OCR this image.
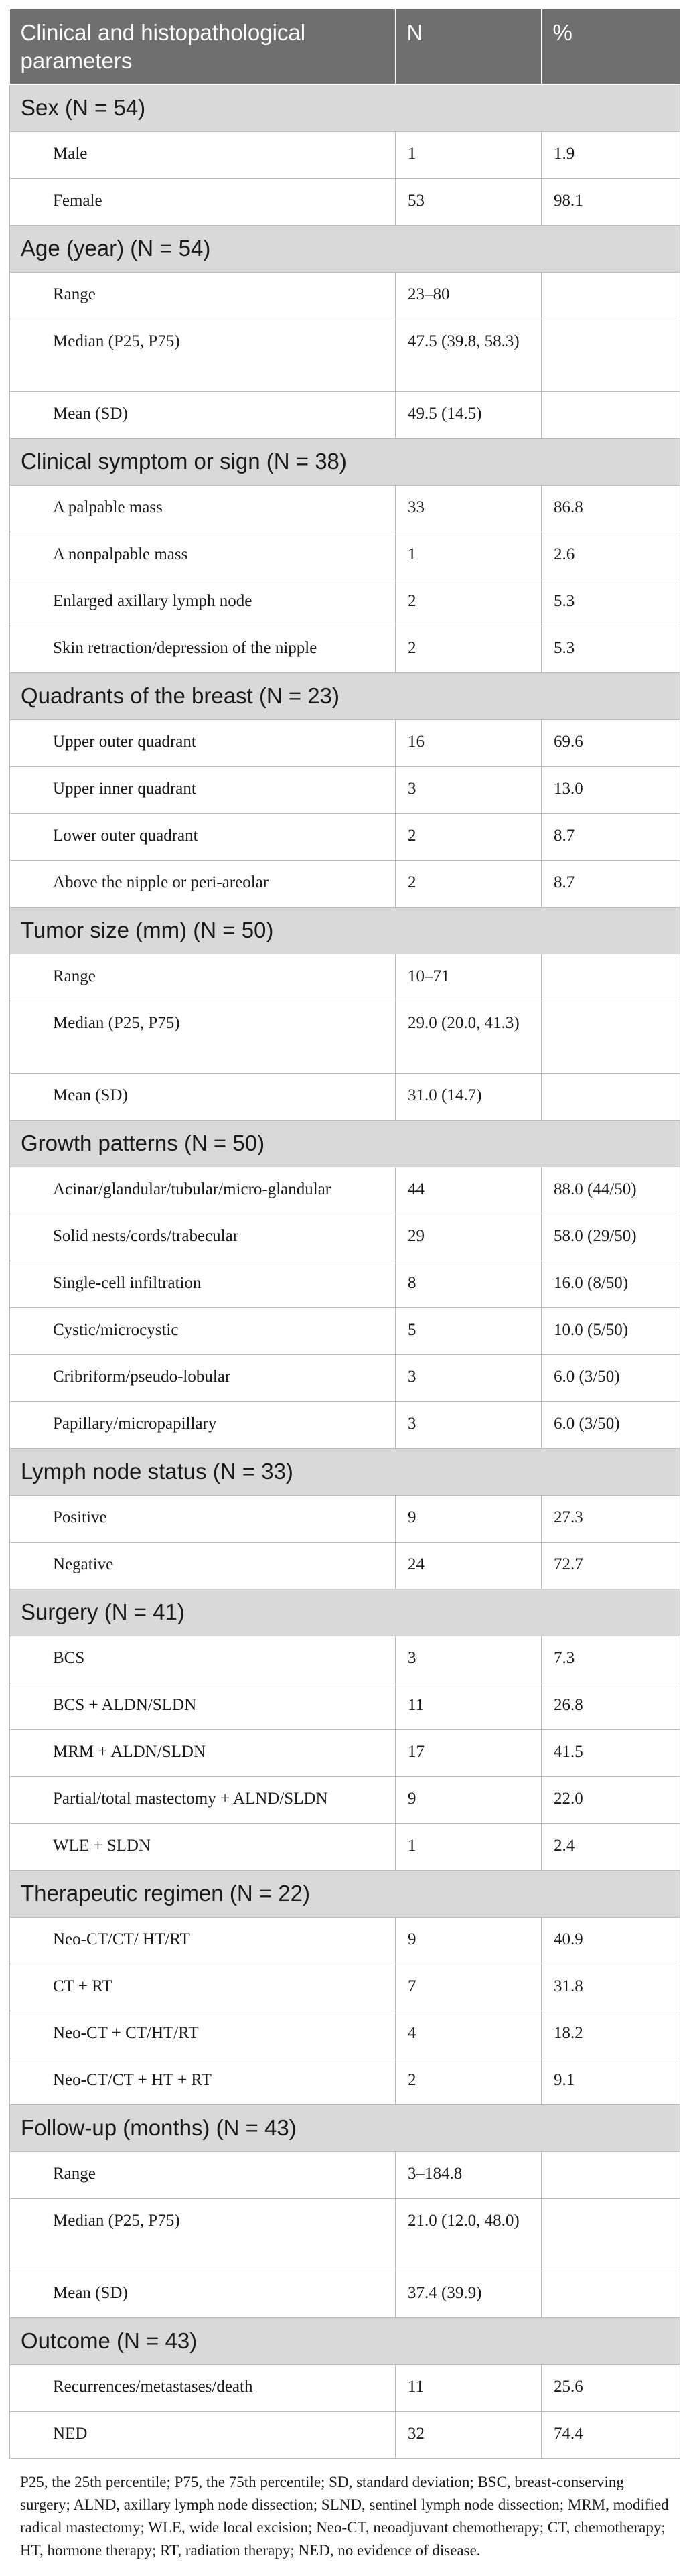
Clinical and histopathological parameters	N	%
Sex (N = 54)		
Male	1	1.9
Female	53	98.1
Age (year) (N = 54)		
Range	23–80	
Median (P25, P75)	47.5 (39.8, 58.3)	
Mean (SD)	49.5 (14.5)	
Clinical symptom or sign (N = 38)		
A palpable mass	33	86.8
A nonpalpable mass	1	2.6
Enlarged axillary lymph node	2	5.3
Skin retraction/depression of the nipple	2	5.3
Quadrants of the breast (N = 23)		
Upper outer quadrant	16	69.6
Upper inner quadrant	3	13.0
Lower outer quadrant	2	8.7
Above the nipple or peri-areolar	2	8.7
Tumor size (mm) (N = 50)		
Range	10–71	
Median (P25, P75)	29.0 (20.0, 41.3)	
Mean (SD)	31.0 (14.7)	
Growth patterns (N = 50)		
Acinar/glandular/tubular/micro-glandular	44	88.0 (44/50)
Solid nests/cords/trabecular	29	58.0 (29/50)
Single-cell infiltration	8	16.0 (8/50)
Cystic/microcystic	5	10.0 (5/50)
Cribriform/pseudo-lobular	3	6.0 (3/50)
Papillary/micropapillary	3	6.0 (3/50)
Lymph node status (N = 33)		
Positive	9	27.3
Negative	24	72.7
Surgery (N = 41)		
BCS	3	7.3
BCS + ALDN/SLDN	11	26.8
MRM + ALDN/SLDN	17	41.5
Partial/total mastectomy + ALND/SLDN	9	22.0
WLE + SLDN	1	2.4
Therapeutic regimen (N = 22)		
Neo-CT/CT/ HT/RT	9	40.9
CT + RT	7	31.8
Neo-CT + CT/HT/RT	4	18.2
Neo-CT/CT + HT + RT	2	9.1
Follow-up (months) (N = 43)		
Range	3–184.8	
Median (P25, P75)	21.0 (12.0, 48.0)	
Mean (SD)	37.4 (39.9)	
Outcome (N = 43)		
Recurrences/metastases/death	11	25.6
NED	32	74.4

P25, the 25th percentile; P75, the 75th percentile; SD, standard deviation; BSC, breast-conserving surgery; ALND, axillary lymph node dissection; SLND, sentinel lymph node dissection; MRM, modified radical mastectomy; WLE, wide local excision; Neo-CT, neoadjuvant chemotherapy; CT, chemotherapy; HT, hormone therapy; RT, radiation therapy; NED, no evidence of disease.
